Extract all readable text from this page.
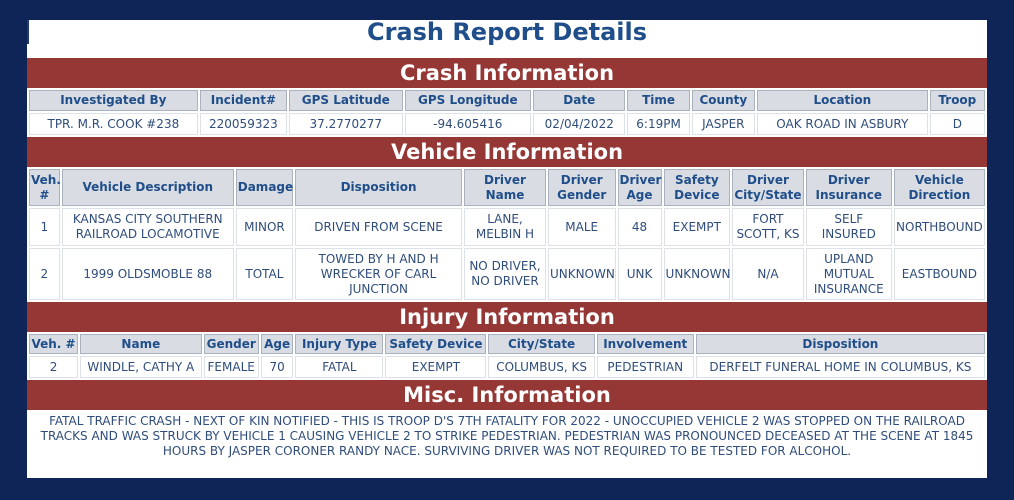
Crash Report Details
Crash Information
Investigated By	Incident#	GPS Latitude	GPS Longitude	Date	Time	County	Location	Troop
TPR. M.R. COOK #238	220059323	37.2770277	-94.605416	02/04/2022	6:19PM	JASPER	OAK ROAD IN ASBURY	D
Vehicle Information
Veh. #	Vehicle Description	Damage	Disposition	Driver Name	Driver Gender	Driver Age	Safety Device	Driver City/State	Driver Insurance	Vehicle Direction
1	KANSAS CITY SOUTHERN RAILROAD LOCAMOTIVE	MINOR	DRIVEN FROM SCENE	LANE, MELBIN H	MALE	48	EXEMPT	FORT SCOTT, KS	SELF INSURED	NORTHBOUND
2	1999 OLDSMOBLE 88	TOTAL	TOWED BY H AND H WRECKER OF CARL JUNCTION	NO DRIVER, NO DRIVER	UNKNOWN	UNK	UNKNOWN	N/A	UPLAND MUTUAL INSURANCE	EASTBOUND
Injury Information
Veh. #	Name	Gender	Age	Injury Type	Safety Device	City/State	Involvement	Disposition
2	WINDLE, CATHY A	FEMALE	70	FATAL	EXEMPT	COLUMBUS, KS	PEDESTRIAN	DERFELT FUNERAL HOME IN COLUMBUS, KS
Misc. Information
FATAL TRAFFIC CRASH - NEXT OF KIN NOTIFIED - THIS IS TROOP D'S 7TH FATALITY FOR 2022 - UNOCCUPIED VEHICLE 2 WAS STOPPED ON THE RAILROAD TRACKS AND WAS STRUCK BY VEHICLE 1 CAUSING VEHICLE 2 TO STRIKE PEDESTRIAN. PEDESTRIAN WAS PRONOUNCED DECEASED AT THE SCENE AT 1845 HOURS BY JASPER CORONER RANDY NACE. SURVIVING DRIVER WAS NOT REQUIRED TO BE TESTED FOR ALCOHOL.
